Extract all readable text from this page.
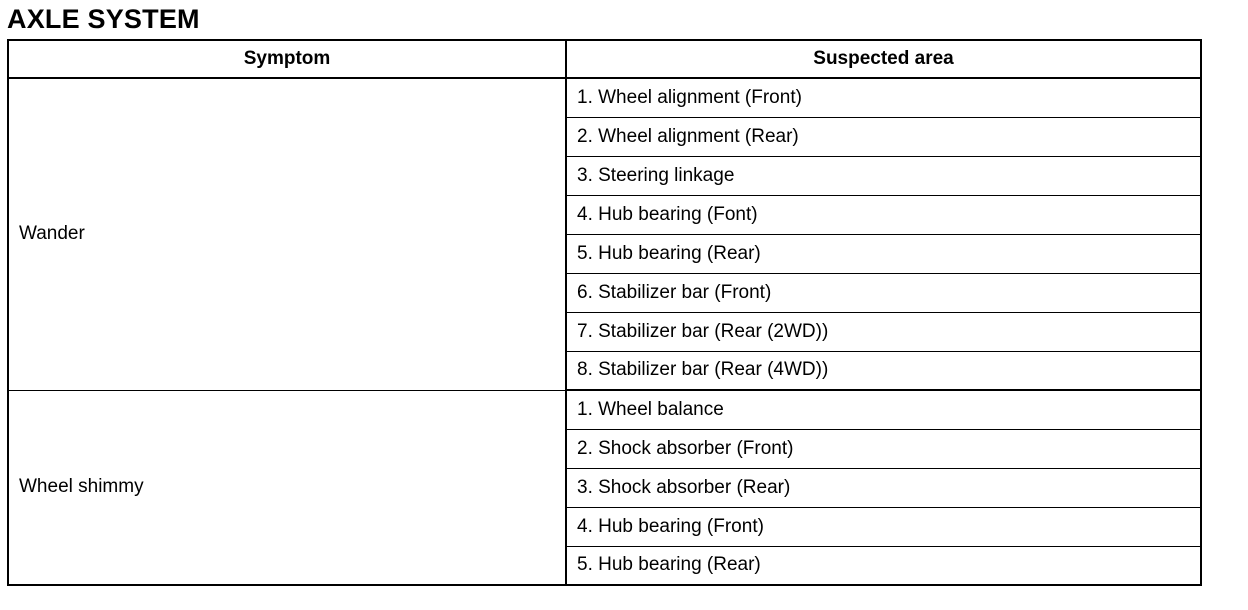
AXLE SYSTEM
Symptom	Suspected area
Wander	1. Wheel alignment (Front)
	2. Wheel alignment (Rear)
	3. Steering linkage
	4. Hub bearing (Font)
	5. Hub bearing (Rear)
	6. Stabilizer bar (Front)
	7. Stabilizer bar (Rear (2WD))
	8. Stabilizer bar (Rear (4WD))
Wheel shimmy	1. Wheel balance
	2. Shock absorber (Front)
	3. Shock absorber (Rear)
	4. Hub bearing (Front)
	5. Hub bearing (Rear)
